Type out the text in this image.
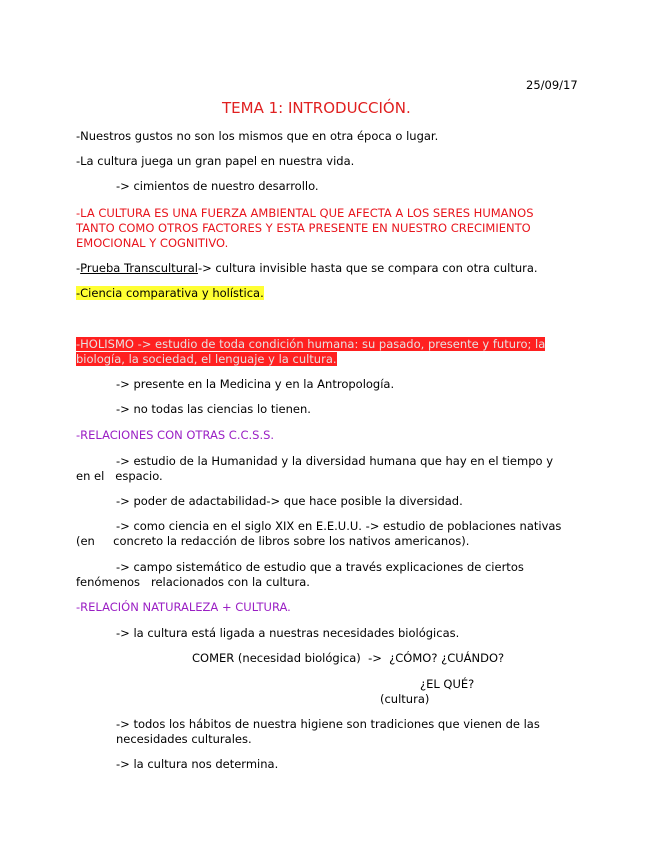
25/09/17
TEMA 1: INTRODUCCIÓN.
-Nuestros gustos no son los mismos que en otra época o lugar.
-La cultura juega un gran papel en nuestra vida.
-> cimientos de nuestro desarrollo.
-LA CULTURA ES UNA FUERZA AMBIENTAL QUE AFECTA A LOS SERES HUMANOS
TANTO COMO OTROS FACTORES Y ESTA PRESENTE EN NUESTRO CRECIMIENTO
EMOCIONAL Y COGNITIVO.
-Prueba Transcultural-> cultura invisible hasta que se compara con otra cultura.
-Ciencia comparativa y holística.
-HOLISMO -> estudio de toda condición humana: su pasado, presente y futuro; la
biología, la sociedad, el lenguaje y la cultura.
-> presente en la Medicina y en la Antropología.
-> no todas las ciencias lo tienen.
-RELACIONES CON OTRAS C.C.S.S.
-> estudio de la Humanidad y la diversidad humana que hay en el tiempo y
en el   espacio.
-> poder de adactabilidad-> que hace posible la diversidad.
-> como ciencia en el siglo XIX en E.E.U.U. -> estudio de poblaciones nativas
(en     concreto la redacción de libros sobre los nativos americanos).
-> campo sistemático de estudio que a través explicaciones de ciertos
fenómenos   relacionados con la cultura.
-RELACIÓN NATURALEZA + CULTURA.
-> la cultura está ligada a nuestras necesidades biológicas.
COMER (necesidad biológica)  ->  ¿CÓMO? ¿CUÁNDO?
¿EL QUÉ?
(cultura)
-> todos los hábitos de nuestra higiene son tradiciones que vienen de las
necesidades culturales.
-> la cultura nos determina.
